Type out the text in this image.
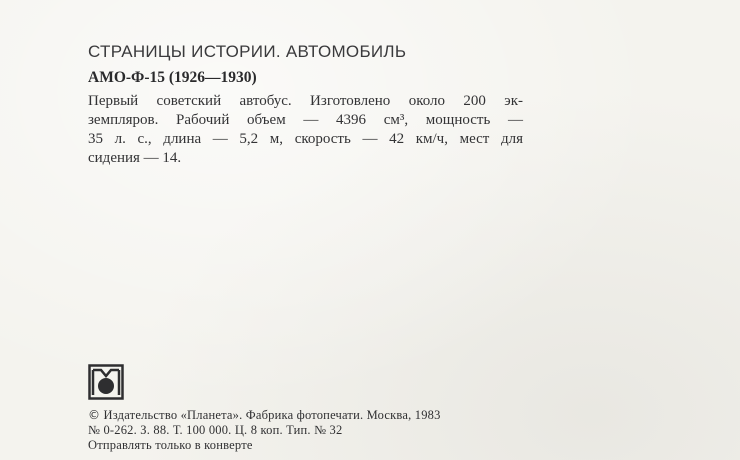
СТРАНИЦЫ ИСТОРИИ. АВТОМОБИЛЬ
АМО-Ф-15 (1926—1930)
Первый советский автобус. Изготовлено около 200 эк-
земпляров. Рабочий объем — 4396 см³, мощность —
35 л. с., длина — 5,2 м, скорость — 42 км/ч, мест для
сидения — 14.
© Издательство «Планета». Фабрика фотопечати. Москва, 1983
№ 0-262. З. 88. Т. 100 000. Ц. 8 коп. Тип. № 32
Отправлять только в конверте
